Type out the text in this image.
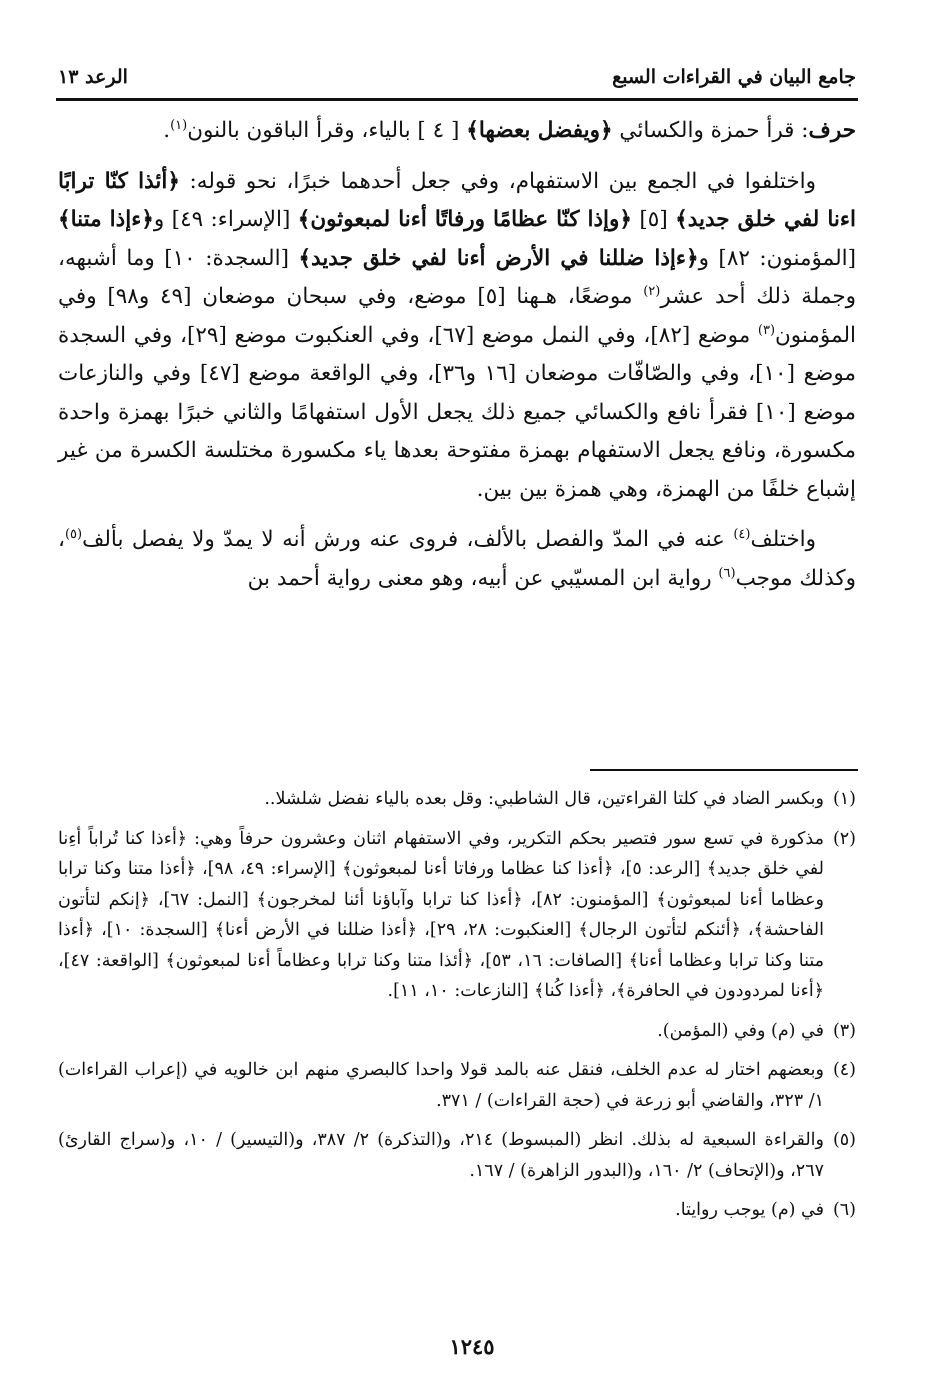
جامع البيان في القراءات السبع
الرعد ١٣

حرف: قرأ حمزة والكسائي ﴿ويفضل بعضها﴾ [ ٤ ] بالياء، وقرأ الباقون بالنون$^{(١)}$.

واختلفوا في الجمع بين الاستفهام، وفي جعل أحدهما خبرًا، نحو قوله: ﴿أئذا كنّا ترابًا اءنا لفي خلق جديد﴾ [٥] ﴿وإذا كنّا عظامًا ورفاتًا أءنا لمبعوثون﴾ [الإسراء: ٤٩] و﴿ءإذا متنا﴾ [المؤمنون: ٨٢] و﴿ءإذا ضللنا في الأرض أءنا لفي خلق جديد﴾ [السجدة: ١٠] وما أشبهه، وجملة ذلك أحد عشر$^{(٢)}$ موضعًا، هـهنا [٥] موضع، وفي سبحان موضعان [٤٩ و٩٨] وفي المؤمنون$^{(٣)}$ موضع [٨٢]، وفي النمل موضع [٦٧]، وفي العنكبوت موضع [٢٩]، وفي السجدة موضع [١٠]، وفي والصّافّات موضعان [١٦ و٣٦]، وفي الواقعة موضع [٤٧] وفي والنازعات موضع [١٠] فقرأ نافع والكسائي جميع ذلك يجعل الأول استفهامًا والثاني خبرًا بهمزة واحدة مكسورة، ونافع يجعل الاستفهام بهمزة مفتوحة بعدها ياء مكسورة مختلسة الكسرة من غير إشباع خلفًا من الهمزة، وهي همزة بين بين.

واختلف$^{(٤)}$ عنه في المدّ والفصل بالألف، فروى عنه ورش أنه لا يمدّ ولا يفصل بألف$^{(٥)}$، وكذلك موجب$^{(٦)}$ رواية ابن المسيّبي عن أبيه، وهو معنى رواية أحمد بن

(١)
وبكسر الضاد في كلتا القراءتين، قال الشاطبي: وقل بعده بالياء نفضل شلشلا..
(٢)
مذكورة في تسع سور فتصير بحكم التكرير، وفي الاستفهام اثنان وعشرون حرفاً وهي: ﴿أءذا كنا تُراباً أءِنا لفي خلق جديد﴾ [الرعد: ٥]، ﴿أءذا كنا عظاما ورفاتا أءنا لمبعوثون﴾ [الإسراء: ٤٩، ٩٨]، ﴿أءذا متنا وكنا ترابا وعظاما أءنا لمبعوثون﴾ [المؤمنون: ٨٢]، ﴿أءذا كنا ترابا وآباؤنا أئنا لمخرجون﴾ [النمل: ٦٧]، ﴿إنكم لتأتون الفاحشة﴾، ﴿أئنكم لتأتون الرجال﴾ [العنكبوت: ٢٨، ٢٩]، ﴿أءذا ضللنا في الأرض أءنا﴾ [السجدة: ١٠]، ﴿أءذا متنا وكنا ترابا وعظاما أءنا﴾ [الصافات: ١٦، ٥٣]، ﴿أئذا متنا وكنا ترابا وعظاماً أءنا لمبعوثون﴾ [الواقعة: ٤٧]، ﴿أءنا لمردودون في الحافرة﴾، ﴿أءذا كُنا﴾ [النازعات: ١٠، ١١].
(٣)
في (م) وفي (المؤمن).
(٤)
وبعضهم اختار له عدم الخلف، فنقل عنه بالمد قولا واحدا كالبصري منهم ابن خالويه في (إعراب القراءات) ١/ ٣٢٣، والقاضي أبو زرعة في (حجة القراءات) / ٣٧١.
(٥)
والقراءة السبعية له بذلك. انظر (المبسوط) ٢١٤، و(التذكرة) ٢/ ٣٨٧، و(التيسير) / ١٠، و(سراج القارئ) ٢٦٧، و(الإتحاف) ٢/ ١٦٠، و(البدور الزاهرة) / ١٦٧.
(٦)
في (م) يوجب روايتا.
١٢٤٥
